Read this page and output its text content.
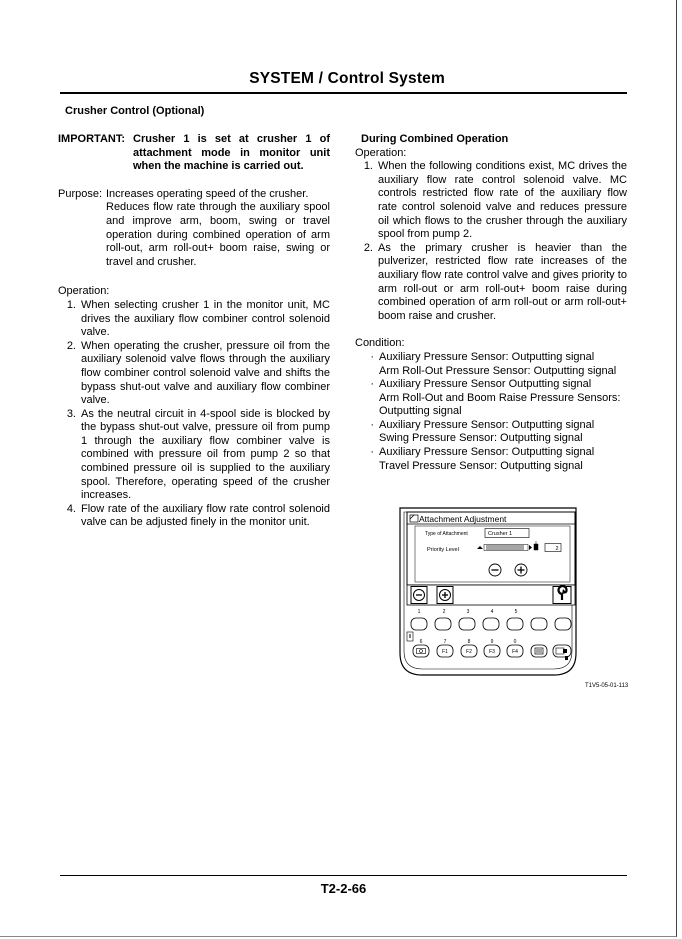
SYSTEM / Control System
Crusher Control (Optional)
IMPORTANT: Crusher 1 is set at crusher 1 of attachment mode in monitor unit when the machine is carried out.
Purpose: Increases operating speed of the crusher.
Reduces flow rate through the auxiliary spool and improve arm, boom, swing or travel operation during combined operation of arm roll-out, arm roll-out+ boom raise, swing or travel and crusher.
Operation:
1. When selecting crusher 1 in the monitor unit, MC drives the auxiliary flow combiner control solenoid valve.
2. When operating the crusher, pressure oil from the auxiliary solenoid valve flows through the auxiliary flow combiner control solenoid valve and shifts the bypass shut-out valve and auxiliary flow combiner valve.
3. As the neutral circuit in 4-spool side is blocked by the bypass shut-out valve, pressure oil from pump 1 through the auxiliary flow combiner valve is combined with pressure oil from pump 2 so that combined pressure oil is supplied to the auxiliary spool. Therefore, operating speed of the crusher increases.
4. Flow rate of the auxiliary flow rate control solenoid valve can be adjusted finely in the monitor unit.
During Combined Operation
Operation:
1. When the following conditions exist, MC drives the auxiliary flow rate control solenoid valve. MC controls restricted flow rate of the auxiliary flow rate control solenoid valve and reduces pressure oil which flows to the crusher through the auxiliary spool from pump 2.
2. As the primary crusher is heavier than the pulverizer, restricted flow rate increases of the auxiliary flow rate control valve and gives priority to arm roll-out or arm roll-out+ boom raise during combined operation of arm roll-out or arm roll-out+ boom raise and crusher.
Condition:
· Auxiliary Pressure Sensor: Outputting signal
Arm Roll-Out Pressure Sensor: Outputting signal
· Auxiliary Pressure Sensor Outputting signal
Arm Roll-Out and Boom Raise Pressure Sensors: Outputting signal
· Auxiliary Pressure Sensor: Outputting signal
Swing Pressure Sensor: Outputting signal
· Auxiliary Pressure Sensor: Outputting signal
Travel Pressure Sensor: Outputting signal
Attachment Adjustment
Type of Attachment	Crusher 1
Priority Level	2
1	2	3	4	5
6	7	8	9	0
F1	F2	F3	F4
T1V5-05-01-113
T2-2-66
